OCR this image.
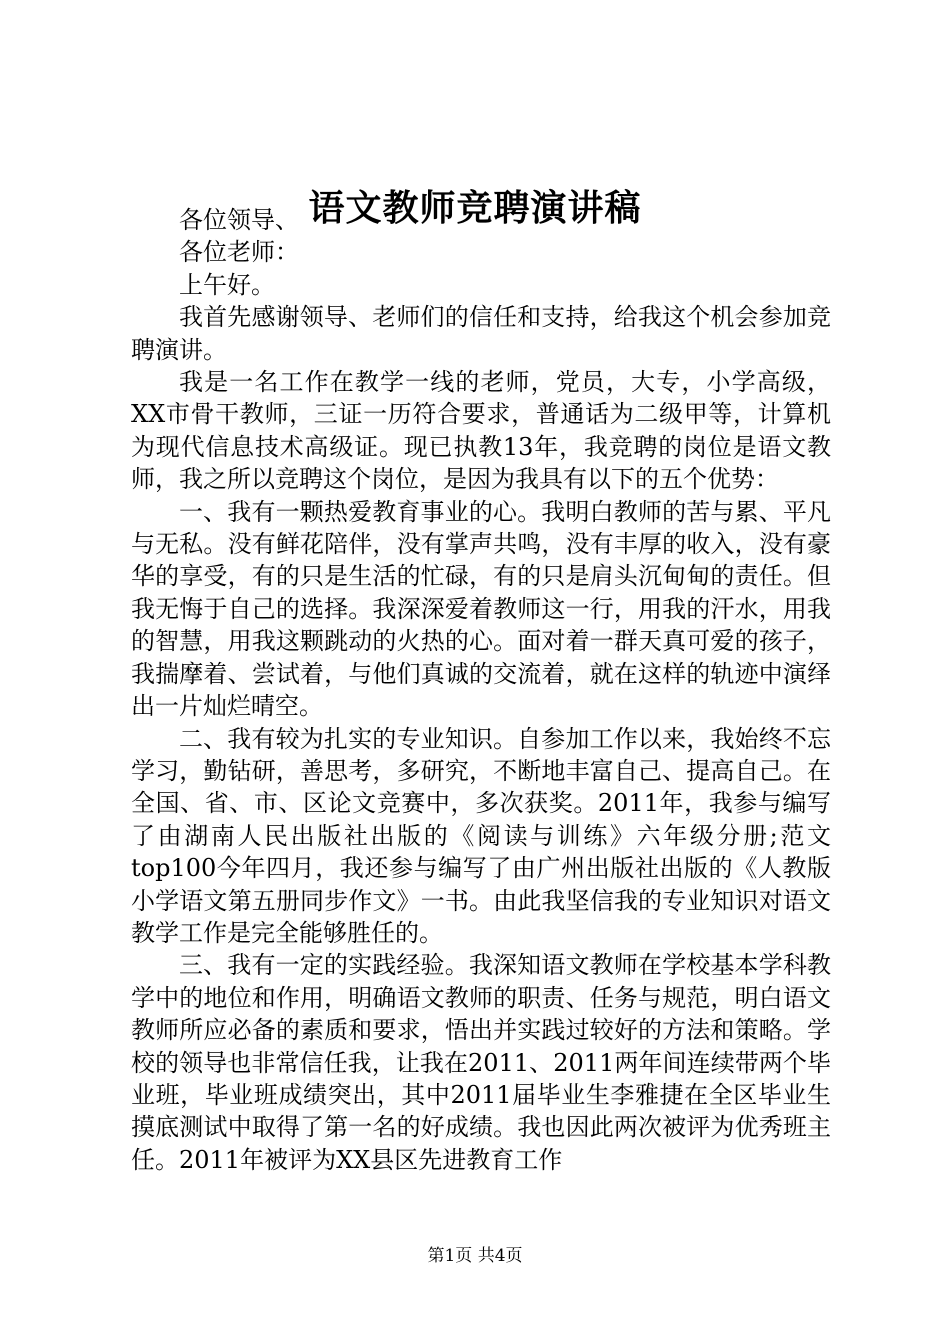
语文教师竞聘演讲稿

各位领导、

各位老师：

上午好。

我首先感谢领导、老师们的信任和支持，给我这个机会参加竞聘演讲。

我是一名工作在教学一线的老师，党员，大专，小学高级，XX市骨干教师，三证一历符合要求，普通话为二级甲等，计算机为现代信息技术高级证。现已执教13年，我竞聘的岗位是语文教师，我之所以竞聘这个岗位，是因为我具有以下的五个优势：

一、我有一颗热爱教育事业的心。我明白教师的苦与累、平凡与无私。没有鲜花陪伴，没有掌声共鸣，没有丰厚的收入，没有豪华的享受，有的只是生活的忙碌，有的只是肩头沉甸甸的责任。但我无悔于自己的选择。我深深爱着教师这一行，用我的汗水，用我的智慧，用我这颗跳动的火热的心。面对着一群天真可爱的孩子，我揣摩着、尝试着，与他们真诚的交流着，就在这样的轨迹中演绎出一片灿烂晴空。

二、我有较为扎实的专业知识。自参加工作以来，我始终不忘学习，勤钻研，善思考，多研究，不断地丰富自己、提高自己。在全国、省、市、区论文竞赛中，多次获奖。2011年，我参与编写了由湖南人民出版社出版的《阅读与训练》六年级分册;范文top100今年四月，我还参与编写了由广州出版社出版的《人教版小学语文第五册同步作文》一书。由此我坚信我的专业知识对语文教学工作是完全能够胜任的。

三、我有一定的实践经验。我深知语文教师在学校基本学科教学中的地位和作用，明确语文教师的职责、任务与规范，明白语文教师所应必备的素质和要求，悟出并实践过较好的方法和策略。学校的领导也非常信任我，让我在2011、2011两年间连续带两个毕业班，毕业班成绩突出，其中2011届毕业生李雅捷在全区毕业生摸底测试中取得了第一名的好成绩。我也因此两次被评为优秀班主任。2011年被评为XX县区先进教育工作

第1页 共4页
